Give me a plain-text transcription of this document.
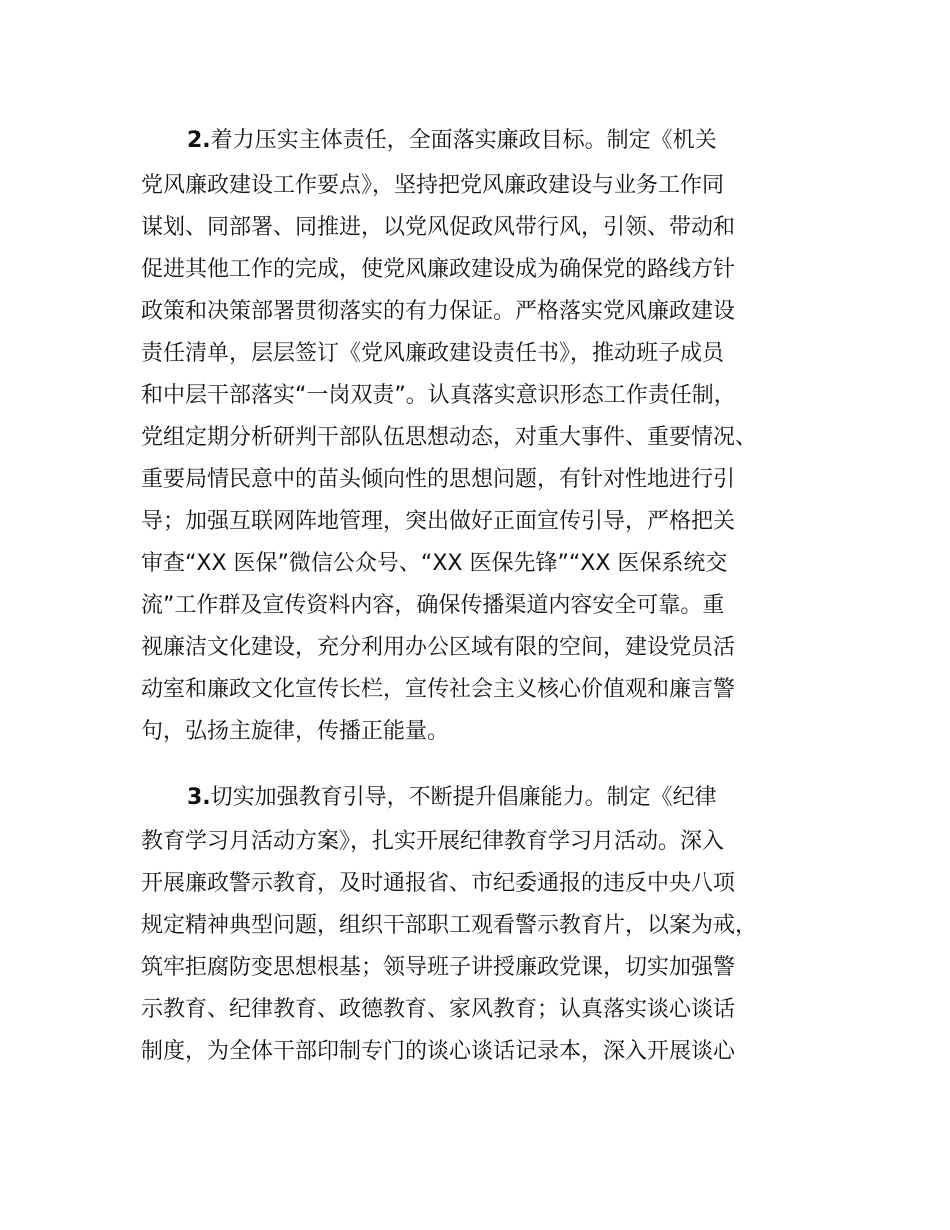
2.着力压实主体责任，全面落实廉政目标。制定《机关
党风廉政建设工作要点》，坚持把党风廉政建设与业务工作同
谋划、同部署、同推进，以党风促政风带行风，引领、带动和
促进其他工作的完成，使党风廉政建设成为确保党的路线方针
政策和决策部署贯彻落实的有力保证。严格落实党风廉政建设
责任清单，层层签订《党风廉政建设责任书》，推动班子成员
和中层干部落实“一岗双责”。认真落实意识形态工作责任制，
党组定期分析研判干部队伍思想动态，对重大事件、重要情况、
重要局情民意中的苗头倾向性的思想问题，有针对性地进行引
导；加强互联网阵地管理，突出做好正面宣传引导，严格把关
审查“XX 医保”微信公众号、“XX 医保先锋”“XX 医保系统交
流”工作群及宣传资料内容，确保传播渠道内容安全可靠。重
视廉洁文化建设，充分利用办公区域有限的空间，建设党员活
动室和廉政文化宣传长栏，宣传社会主义核心价值观和廉言警
句，弘扬主旋律，传播正能量。
3.切实加强教育引导，不断提升倡廉能力。制定《纪律
教育学习月活动方案》，扎实开展纪律教育学习月活动。深入
开展廉政警示教育，及时通报省、市纪委通报的违反中央八项
规定精神典型问题，组织干部职工观看警示教育片，以案为戒，
筑牢拒腐防变思想根基；领导班子讲授廉政党课，切实加强警
示教育、纪律教育、政德教育、家风教育；认真落实谈心谈话
制度，为全体干部印制专门的谈心谈话记录本，深入开展谈心
